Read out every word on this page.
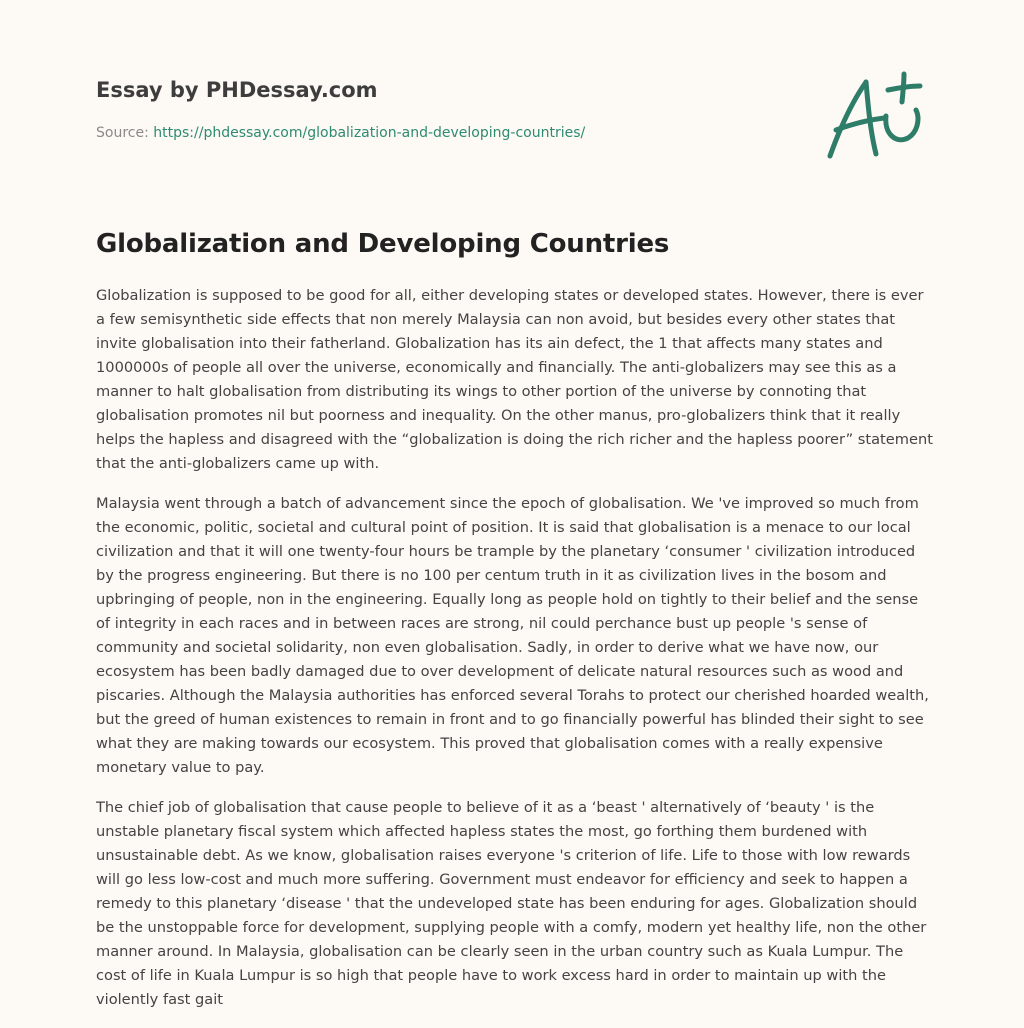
Essay by PHDessay.com
Source: https://phdessay.com/globalization-and-developing-countries/
Globalization and Developing Countries

Globalization is supposed to be good for all, either developing states or developed states. However, there is ever a few semisynthetic side effects that non merely Malaysia can non avoid, but besides every other states that invite globalisation into their fatherland. Globalization has its ain defect, the 1 that affects many states and 1000000s of people all over the universe, economically and financially. The anti-globalizers may see this as a manner to halt globalisation from distributing its wings to other portion of the universe by connoting that globalisation promotes nil but poorness and inequality. On the other manus, pro-globalizers think that it really helps the hapless and disagreed with the “globalization is doing the rich richer and the hapless poorer” statement that the anti-globalizers came up with.

Malaysia went through a batch of advancement since the epoch of globalisation. We 've improved so much from the economic, politic, societal and cultural point of position. It is said that globalisation is a menace to our local civilization and that it will one twenty-four hours be trample by the planetary ‘consumer ' civilization introduced by the progress engineering. But there is no 100 per centum truth in it as civilization lives in the bosom and upbringing of people, non in the engineering. Equally long as people hold on tightly to their belief and the sense of integrity in each races and in between races are strong, nil could perchance bust up people 's sense of community and societal solidarity, non even globalisation. Sadly, in order to derive what we have now, our ecosystem has been badly damaged due to over development of delicate natural resources such as wood and piscaries. Although the Malaysia authorities has enforced several Torahs to protect our cherished hoarded wealth, but the greed of human existences to remain in front and to go financially powerful has blinded their sight to see what they are making towards our ecosystem. This proved that globalisation comes with a really expensive monetary value to pay.

The chief job of globalisation that cause people to believe of it as a ‘beast ' alternatively of ‘beauty ' is the unstable planetary fiscal system which affected hapless states the most, go forthing them burdened with unsustainable debt. As we know, globalisation raises everyone 's criterion of life. Life to those with low rewards will go less low-cost and much more suffering. Government must endeavor for efficiency and seek to happen a remedy to this planetary ‘disease ' that the undeveloped state has been enduring for ages. Globalization should be the unstoppable force for development, supplying people with a comfy, modern yet healthy life, non the other manner around. In Malaysia, globalisation can be clearly seen in the urban country such as Kuala Lumpur. The cost of life in Kuala Lumpur is so high that people have to work excess hard in order to maintain up with the violently fast gait
